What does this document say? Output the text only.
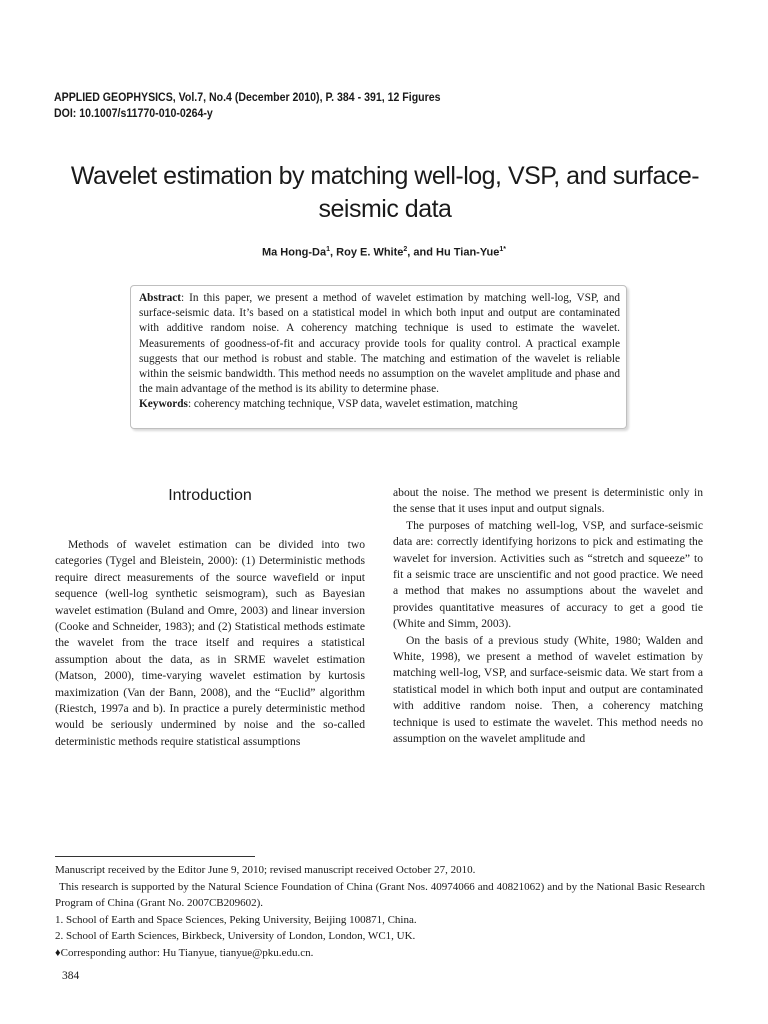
APPLIED GEOPHYSICS, Vol.7, No.4 (December 2010), P. 384 - 391, 12 Figures
DOI: 10.1007/s11770-010-0264-y
Wavelet estimation by matching well-log, VSP, and surface-seismic data
Ma Hong-Da$^1$, Roy E. White$^2$, and Hu Tian-Yue$^{1*}$
Abstract: In this paper, we present a method of wavelet estimation by matching well-log, VSP, and surface-seismic data. It’s based on a statistical model in which both input and output are contaminated with additive random noise. A coherency matching technique is used to estimate the wavelet. Measurements of goodness-of-fit and accuracy provide tools for quality control. A practical example suggests that our method is robust and stable. The matching and estimation of the wavelet is reliable within the seismic bandwidth. This method needs no assumption on the wavelet amplitude and phase and the main advantage of the method is its ability to determine phase.
Keywords: coherency matching technique, VSP data, wavelet estimation, matching
Introduction

Methods of wavelet estimation can be divided into two categories (Tygel and Bleistein, 2000): (1) Deterministic methods require direct measurements of the source wavefield or input sequence (well-log synthetic seismogram), such as Bayesian wavelet estimation (Buland and Omre, 2003) and linear inversion (Cooke and Schneider, 1983); and (2) Statistical methods estimate the wavelet from the trace itself and requires a statistical assumption about the data, as in SRME wavelet estimation (Matson, 2000), time-varying wavelet estimation by kurtosis maximization (Van der Bann, 2008), and the “Euclid” algorithm (Riestch, 1997a and b). In practice a purely deterministic method would be seriously undermined by noise and the so-called deterministic methods require statistical assumptions

about the noise. The method we present is deterministic only in the sense that it uses input and output signals.

The purposes of matching well-log, VSP, and surface-seismic data are: correctly identifying horizons to pick and estimating the wavelet for inversion. Activities such as “stretch and squeeze” to fit a seismic trace are unscientific and not good practice. We need a method that makes no assumptions about the wavelet and provides quantitative measures of accuracy to get a good tie (White and Simm, 2003).

On the basis of a previous study (White, 1980; Walden and White, 1998), we present a method of wavelet estimation by matching well-log, VSP, and surface-seismic data. We start from a statistical model in which both input and output are contaminated with additive random noise. Then, a coherency matching technique is used to estimate the wavelet. This method needs no assumption on the wavelet amplitude and

Manuscript received by the Editor June 9, 2010; revised manuscript received October 27, 2010.
This research is supported by the Natural Science Foundation of China (Grant Nos. 40974066 and 40821062) and by the National Basic Research Program of China (Grant No. 2007CB209602).
1. School of Earth and Space Sciences, Peking University, Beijing 100871, China.
2. School of Earth Sciences, Birkbeck, University of London, London, WC1, UK.
♦Corresponding author: Hu Tianyue, tianyue@pku.edu.cn.
384
